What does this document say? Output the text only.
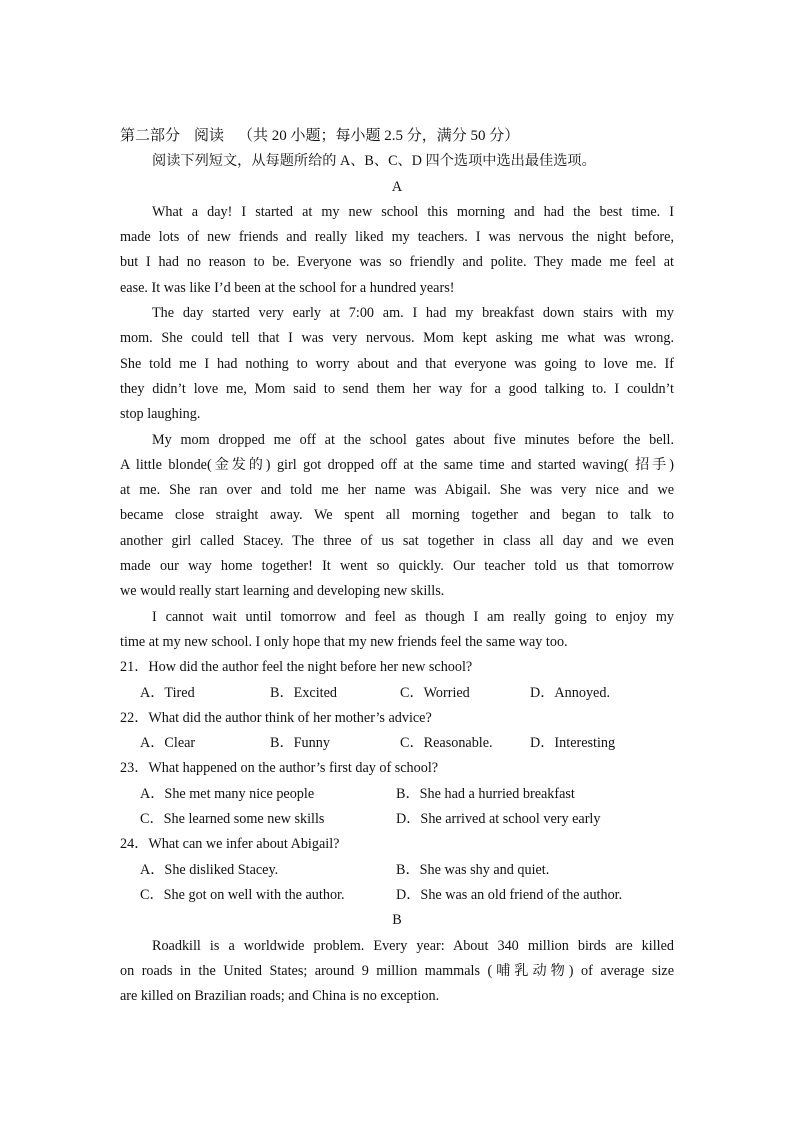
第二部分 阅读 （共 20 小题；每小题 2.5 分，满分 50 分）
阅读下列短文，从每题所给的 A、B、C、D 四个选项中选出最佳选项。
A
What a day! I started at my new school this morning and had the best time. I
made lots of new friends and really liked my teachers. I was nervous the night before,
but I had no reason to be. Everyone was so friendly and polite. They made me feel at
ease. It was like I’d been at the school for a hundred years!
The day started very early at 7:00 am. I had my breakfast down stairs with my
mom. She could tell that I was very nervous. Mom kept asking me what was wrong.
She told me I had nothing to worry about and that everyone was going to love me. If
they didn’t love me, Mom said to send them her way for a good talking to. I couldn’t
stop laughing.
My mom dropped me off at the school gates about five minutes before the bell.
A little blonde(金发的) girl got dropped off at the same time and started waving( 招手)
at me. She ran over and told me her name was Abigail. She was very nice and we
became close straight away. We spent all morning together and began to talk to
another girl called Stacey. The three of us sat together in class all day and we even
made our way home together! It went so quickly. Our teacher told us that tomorrow
we would really start learning and developing new skills.
I cannot wait until tomorrow and feel as though I am really going to enjoy my
time at my new school. I only hope that my new friends feel the same way too.
21．How did the author feel the night before her new school?
A．Tired	B．Excited	C．Worried	D．Annoyed.
22．What did the author think of her mother’s advice?
A．Clear	B．Funny	C．Reasonable.	D．Interesting
23．What happened on the author’s first day of school?
A．She met many nice people	B．She had a hurried breakfast
C．She learned some new skills	D．She arrived at school very early
24．What can we infer about Abigail?
A．She disliked Stacey.	B．She was shy and quiet.
C．She got on well with the author.	D．She was an old friend of the author.
B
Roadkill is a worldwide problem. Every year: About 340 million birds are killed
on roads in the United States; around 9 million mammals (哺乳动物) of average size
are killed on Brazilian roads; and China is no exception.
